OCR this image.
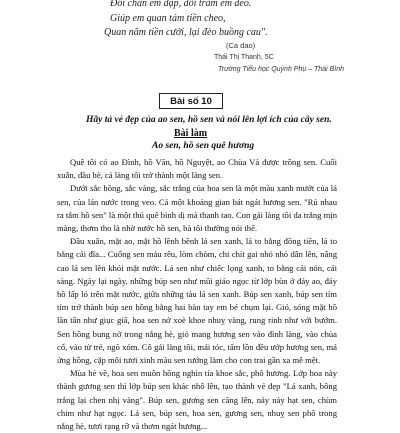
Đôi chân em đạp, đôi tràm em đeo.
Giúp em quan tám tiền cheo,
Quan năm tiền cưới, lại đèo buồng cau".
(Ca dao)
Thái Thị Thanh, 5C
Trường Tiểu học Quỳnh Phụ – Thái Bình
Bài số 10
Hãy tả vẻ đẹp của ao sen, hồ sen và nói lên lợi ích của cây sen.
Bài làm
Ao sen, hồ sen quê hương

Quê tôi có ao Đình, hồ Văn, hồ Nguyệt, ao Chùa Vả được trồng sen. Cuối xuân, đầu hè, cả làng tôi trở thành một làng sen.

Dưới sắc hồng, sắc vàng, sắc trắng của hoa sen là một màu xanh mướt của lá sen, của lán nước trong veo. Cả một khoảng gian bát ngát hương sen. "Rủ nhau ra tắm hồ sen" là một thú quê bình dị mà thanh tao. Con gái làng tôi da trắng mịn màng, thơm tho là nhờ nước hồ sen, bà tôi thường nói thế.

Đầu xuân, mặt ao, mặt hồ lềnh bềnh lá sen xanh, lá to bằng đồng tiền, lá to bằng cái đĩa... Cuống sen mảu rêu, lòm chòm, chi chít gai nhỏ nhỏ dân lên, nâng cao lá sen lên khỏi mặt nước. Lá sen như chiếc lọng xanh, to bằng cái nón, cái sàng. Ngày lại ngày, những búp sen như mũi giáo ngọc từ lớp bùn ở đáy ao, đáy hồ lấp ló trên mặt nước, giữa những tàu lá sen xanh. Búp sen xanh, búp sen tím tím trở thành búp sen hồng bằng hai bàn tay em bé chụm lại. Gió, sóng mặt hồ lăn tăn như giục giã, hoa sen nở xoè khoe nhuỵ vàng, rung rinh như với bướm. Sen hồng bung nở trong nắng hè, giỏ mang hương sen vào đình làng, vào chùa cổ, vào từ trẻ, ngõ xóm. Cô gái làng tôi, mái tóc, tấm lồn đều ướp hương sen, má ửng hồng, cặp môi tươi xinh màu sen tưởng làm cho con trai gần xa mê mệt.

Mùa hè về, hoa sen muôn hồng nghìn tía khoe sắc, phô hương. Lớp hoa này thành gương sen thì lớp búp sen khác nhô lên, tạo thành vẻ đẹp "Lá xanh, bông trắng lại chen nhị vàng". Búp sen, gương sen căng lên, nảy nảy hạt sen, chùm chim như hạt ngọc. Lá sen, búp sen, hoa sen, gương sen, nhuỵ sen phô trong nắng hè, tươi rạng rỡ và thơm ngát hương...
